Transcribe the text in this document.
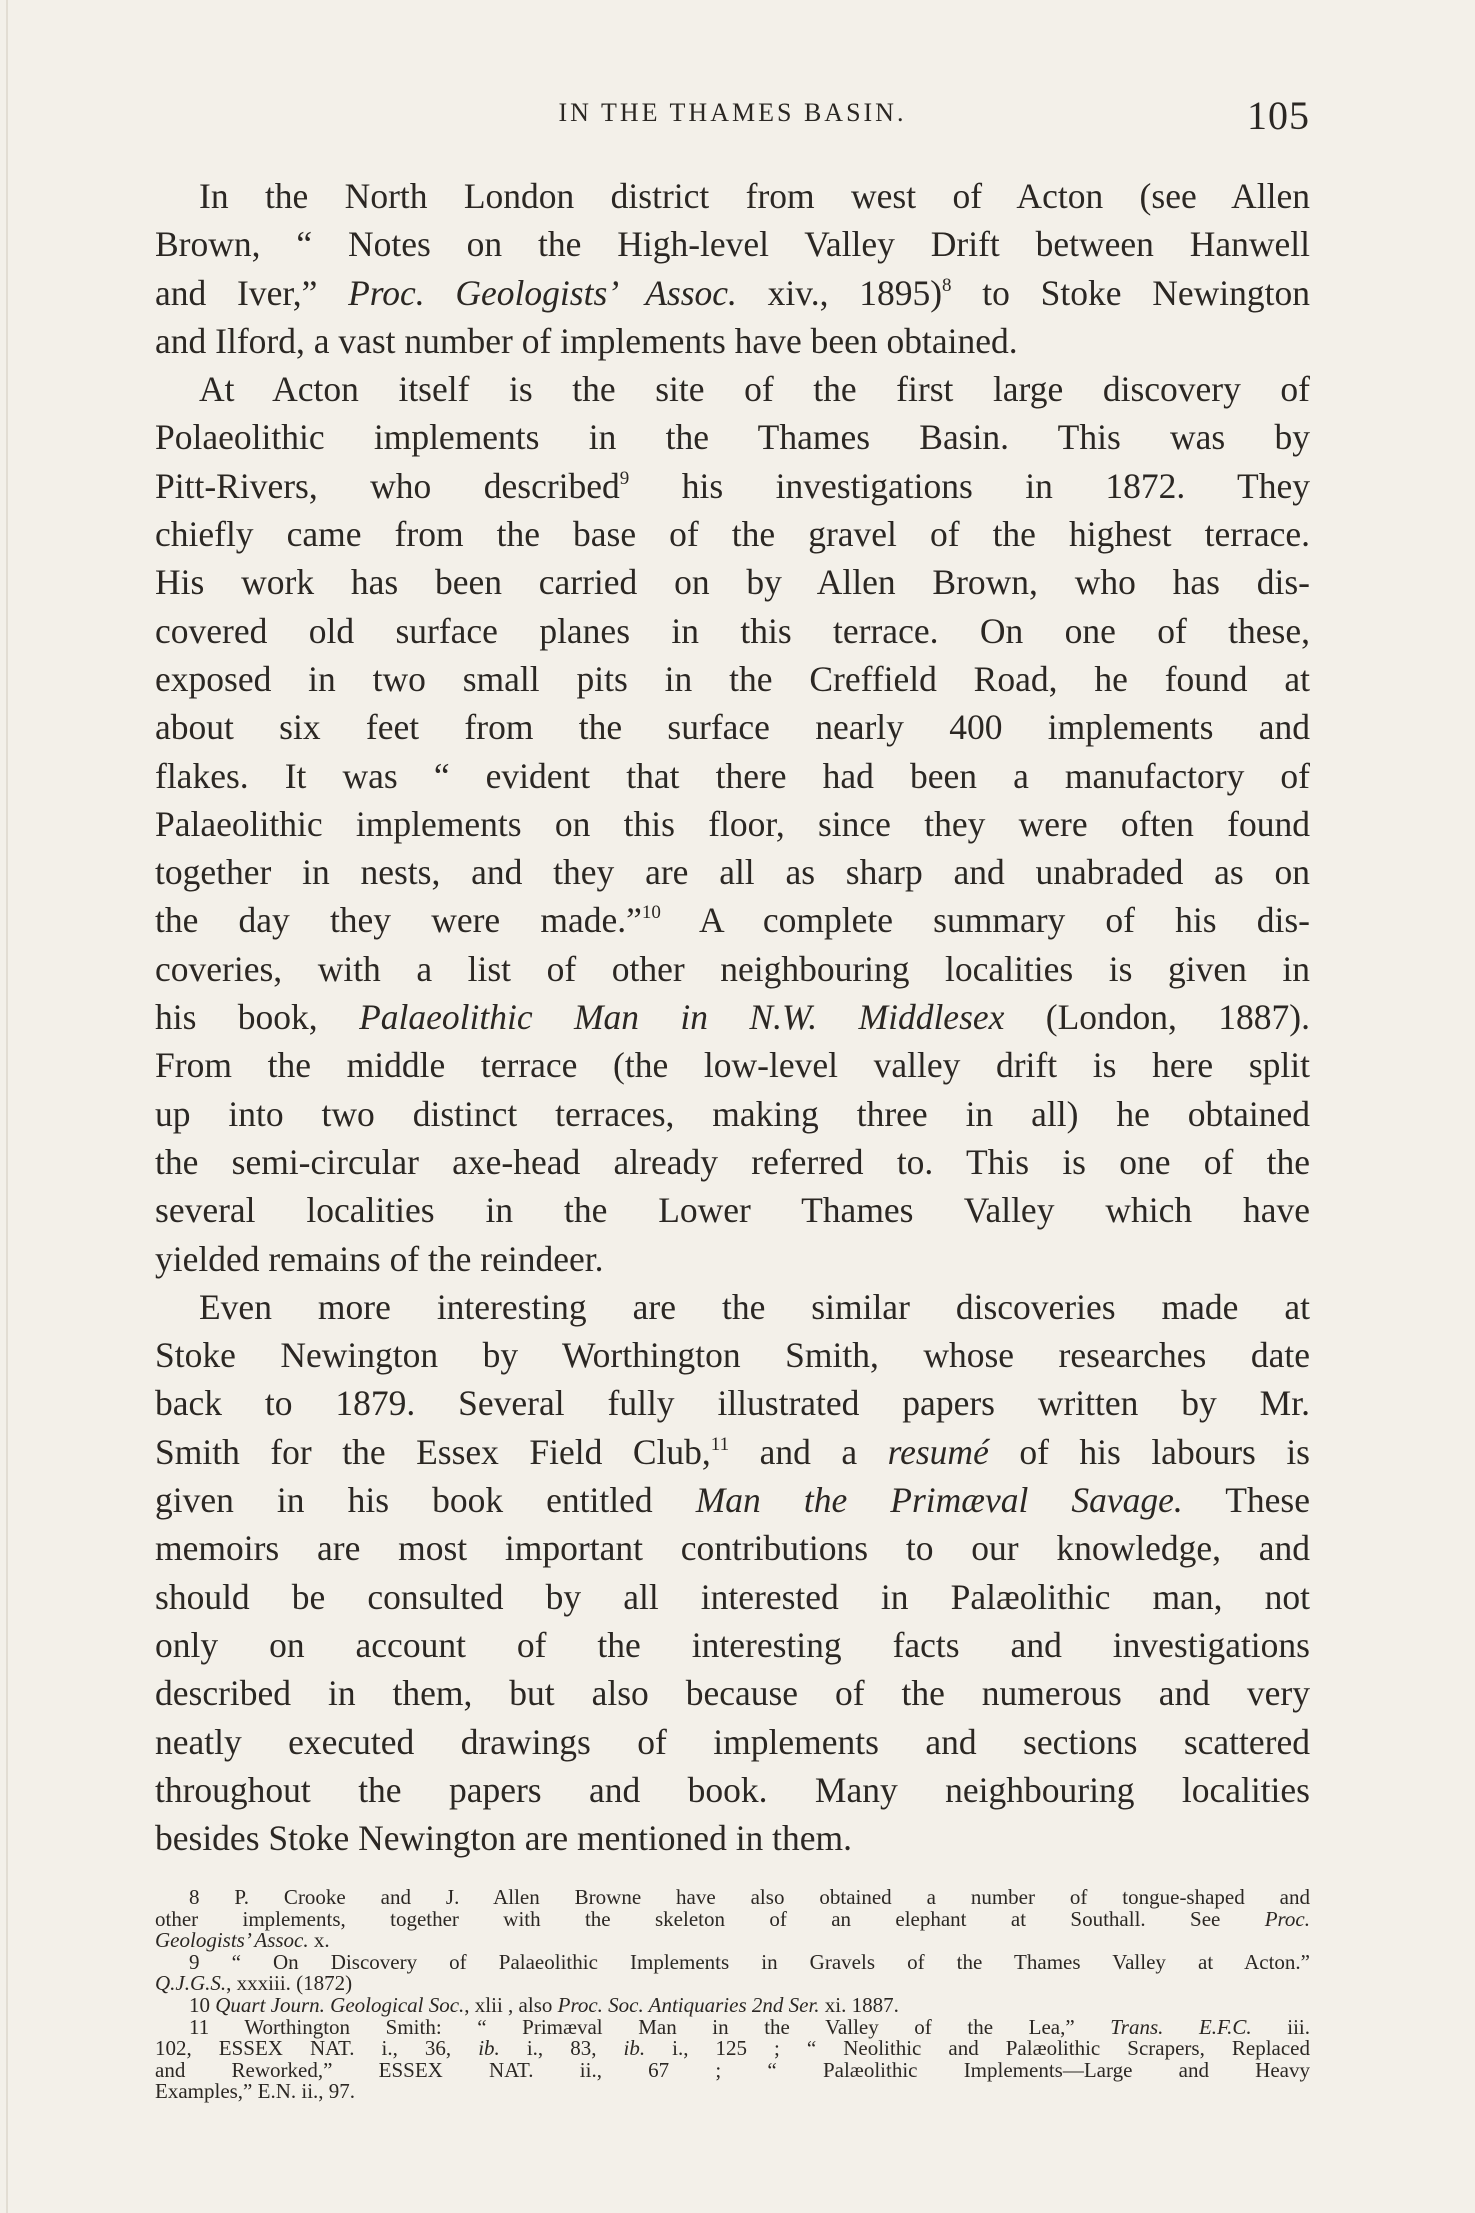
IN THE THAMES BASIN.	105
In the North London district from west of Acton (see Allen
Brown, “ Notes on the High-level Valley Drift between Hanwell
and Iver,” Proc. Geologists’ Assoc. xiv., 1895)$^8$ to Stoke Newington
and Ilford, a vast number of implements have been obtained.
At Acton itself is the site of the first large discovery of
Polaeolithic implements in the Thames Basin. This was by
Pitt-Rivers, who described$^9$ his investigations in 1872. They
chiefly came from the base of the gravel of the highest terrace.
His work has been carried on by Allen Brown, who has dis-
covered old surface planes in this terrace. On one of these,
exposed in two small pits in the Creffield Road, he found at
about six feet from the surface nearly 400 implements and
flakes. It was “ evident that there had been a manufactory of
Palaeolithic implements on this floor, since they were often found
together in nests, and they are all as sharp and unabraded as on
the day they were made.”$^{10}$ A complete summary of his dis-
coveries, with a list of other neighbouring localities is given in
his book, Palaeolithic Man in N.W. Middlesex (London, 1887).
From the middle terrace (the low-level valley drift is here split
up into two distinct terraces, making three in all) he obtained
the semi-circular axe-head already referred to. This is one of the
several localities in the Lower Thames Valley which have
yielded remains of the reindeer.
Even more interesting are the similar discoveries made at
Stoke Newington by Worthington Smith, whose researches date
back to 1879. Several fully illustrated papers written by Mr.
Smith for the Essex Field Club,$^{11}$ and a resumé of his labours is
given in his book entitled Man the Primæval Savage. These
memoirs are most important contributions to our knowledge, and
should be consulted by all interested in Palæolithic man, not
only on account of the interesting facts and investigations
described in them, but also because of the numerous and very
neatly executed drawings of implements and sections scattered
throughout the papers and book. Many neighbouring localities
besides Stoke Newington are mentioned in them.
8 P. Crooke and J. Allen Browne have also obtained a number of tongue-shaped and
other implements, together with the skeleton of an elephant at Southall. See Proc.
Geologists’ Assoc. x.
9 “ On Discovery of Palaeolithic Implements in Gravels of the Thames Valley at Acton.”
Q.J.G.S., xxxiii. (1872)
10 Quart Journ. Geological Soc., xlii , also Proc. Soc. Antiquaries 2nd Ser. xi. 1887.
11 Worthington Smith: “ Primæval Man in the Valley of the Lea,” Trans. E.F.C. iii.
102, ESSEX NAT. i., 36, ib. i., 83, ib. i., 125 ; “ Neolithic and Palæolithic Scrapers, Replaced
and Reworked,” ESSEX NAT. ii., 67 ; “ Palæolithic Implements—Large and Heavy
Examples,” E.N. ii., 97.
